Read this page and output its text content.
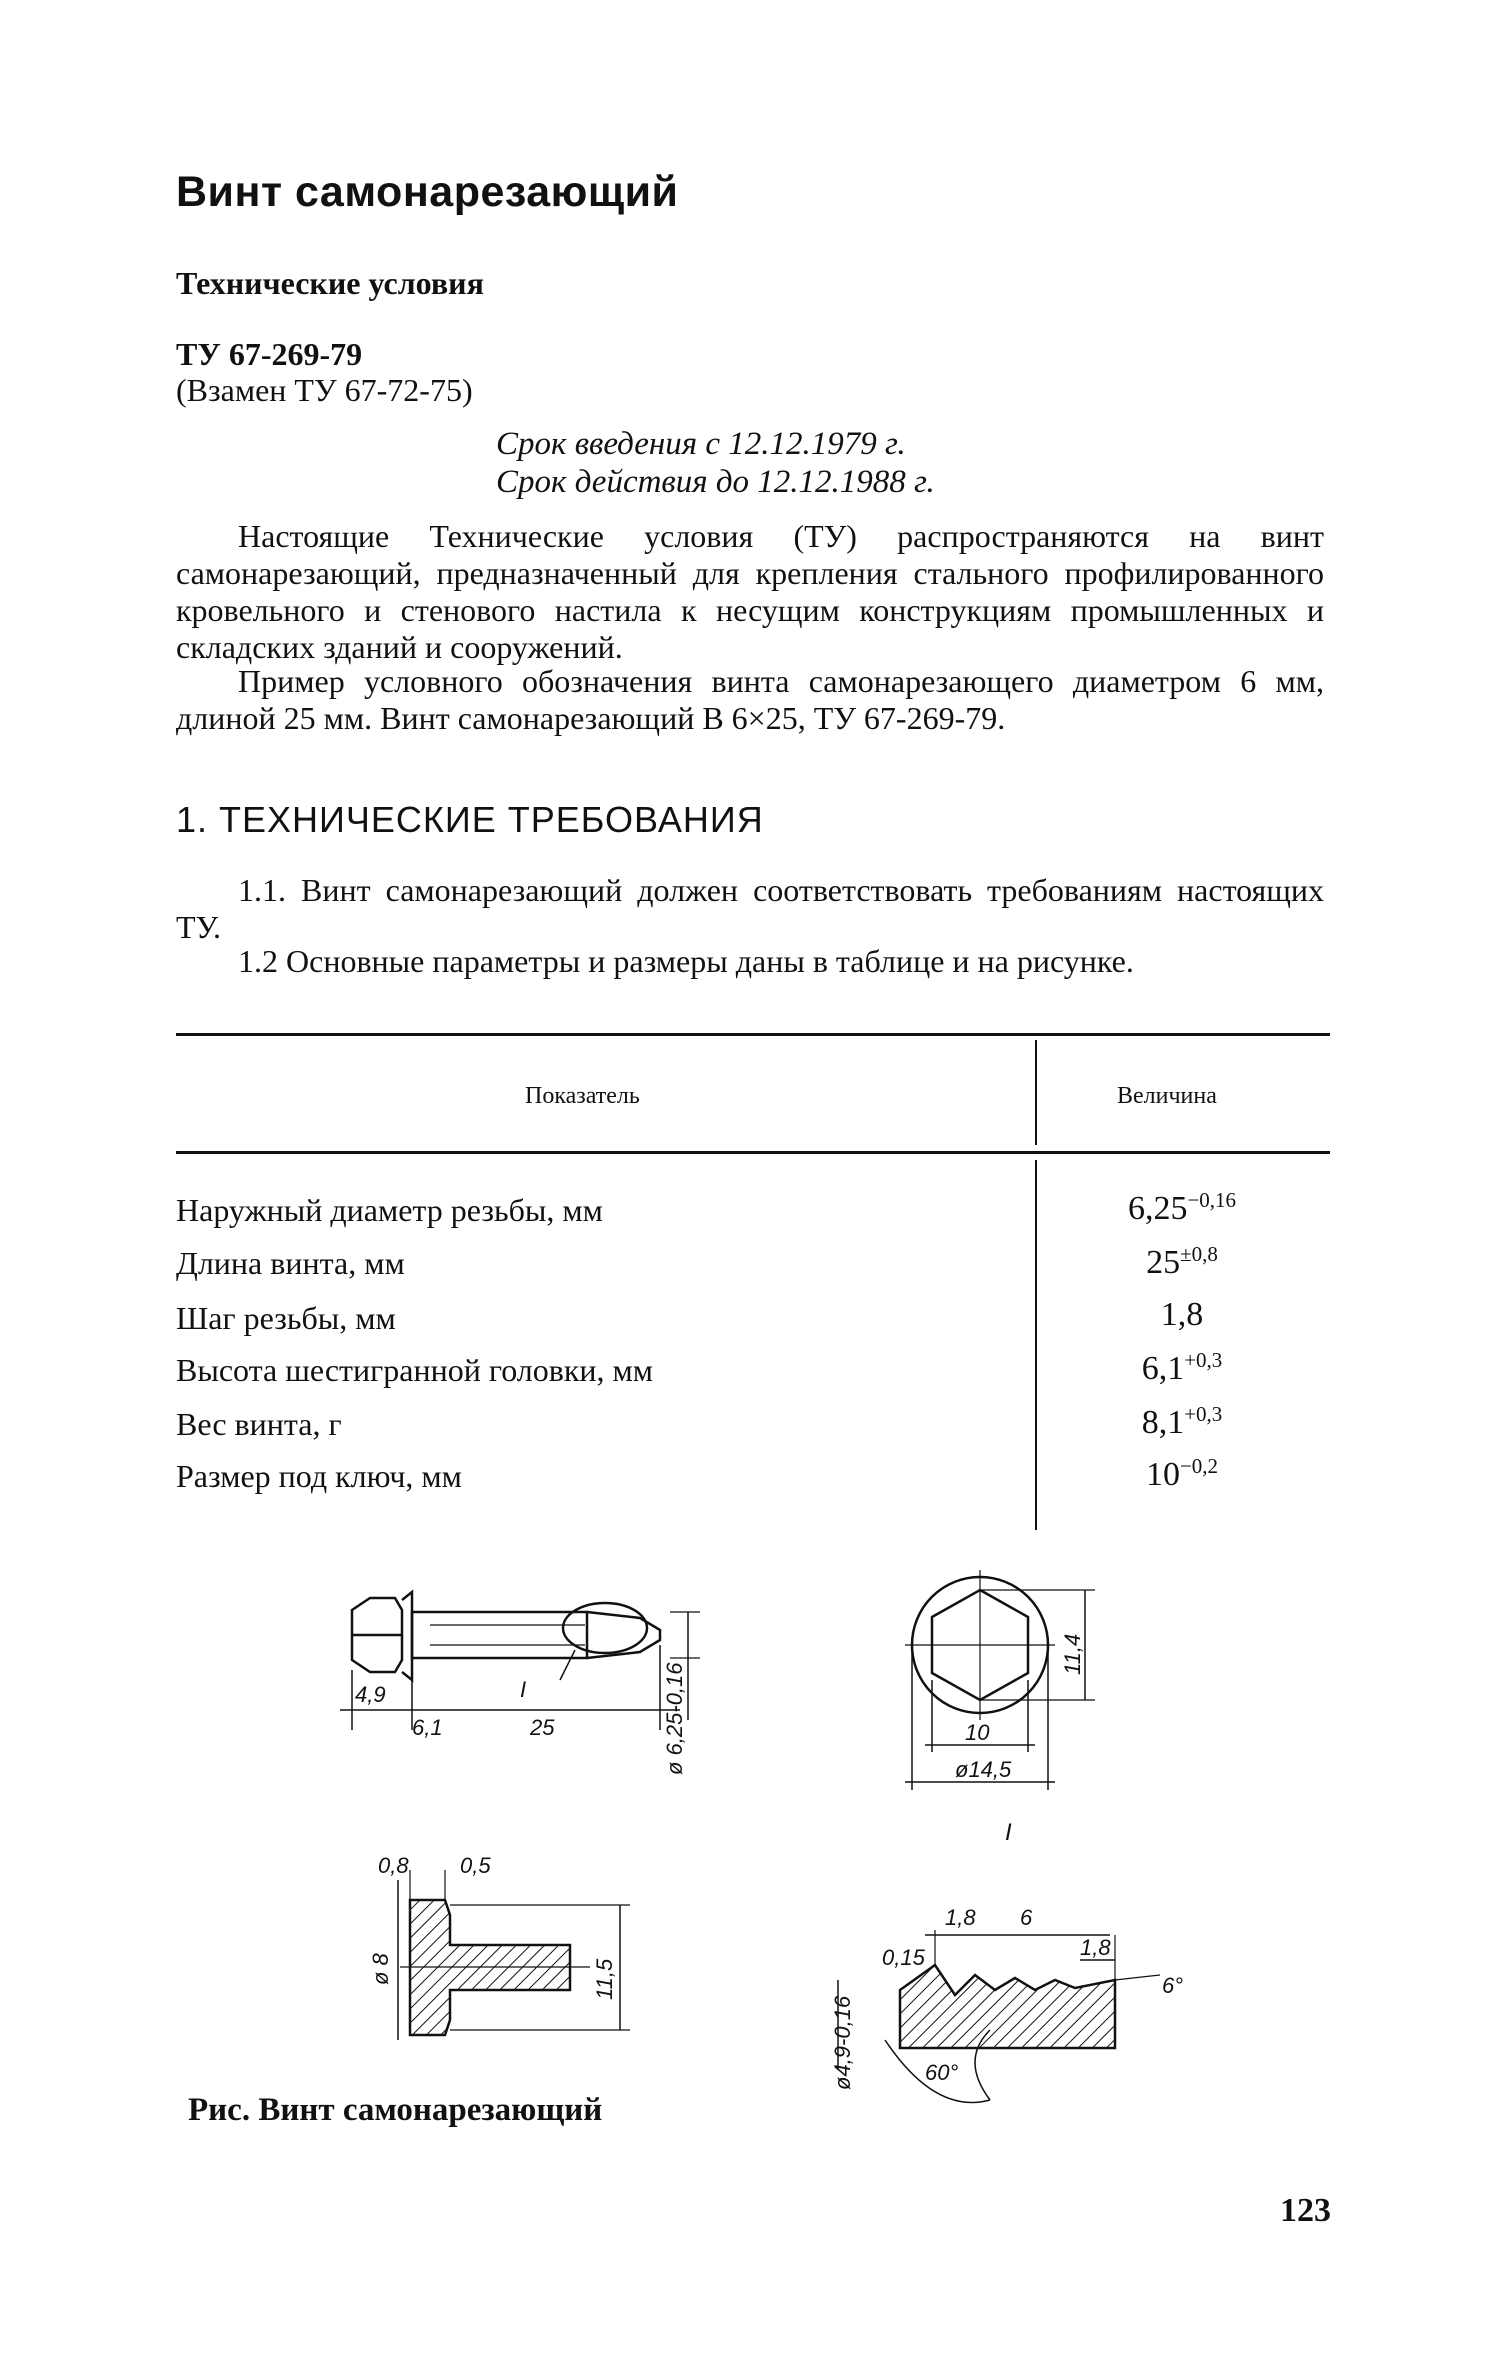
Винт самонарезающий
Технические условия
ТУ 67-269-79
(Взамен ТУ 67-72-75)
Срок введения с 12.12.1979 г.
Срок действия до 12.12.1988 г.
Настоящие Технические условия (ТУ) распространяются на винт самонарезающий, предназначенный для крепления стального профилированного кровельного и стенового настила к несущим конструкциям промышленных и складских зданий и сооружений.
Пример условного обозначения винта самонарезающего диаметром 6 мм, длиной 25 мм. Винт самонарезающий В 6×25, ТУ 67-269-79.
1. ТЕХНИЧЕСКИЕ ТРЕБОВАНИЯ
1.1. Винт самонарезающий должен соответствовать требованиям настоящих ТУ.
1.2 Основные параметры и размеры даны в таблице и на рисунке.
Показатель	Величина
Наружный диаметр резьбы, мм	$6,25^{-0,16}$
Длина винта, мм	$25^{\pm 0,8}$
Шаг резьбы, мм	1,8
Высота шестигранной головки, мм	$6,1^{+0,3}$
Вес винта, г	$8,1^{+0,3}$
Размер под ключ, мм	$10^{-0,2}$
I
4,9
6,1	25	ø 6,25-0,16
11,4
10
ø14,5
0,8 0,5
ø 8	11,5
I
1,8 6
0,15	1,8
6°
ø4,9-0,16	60°
Рис. Винт самонарезающий
123
